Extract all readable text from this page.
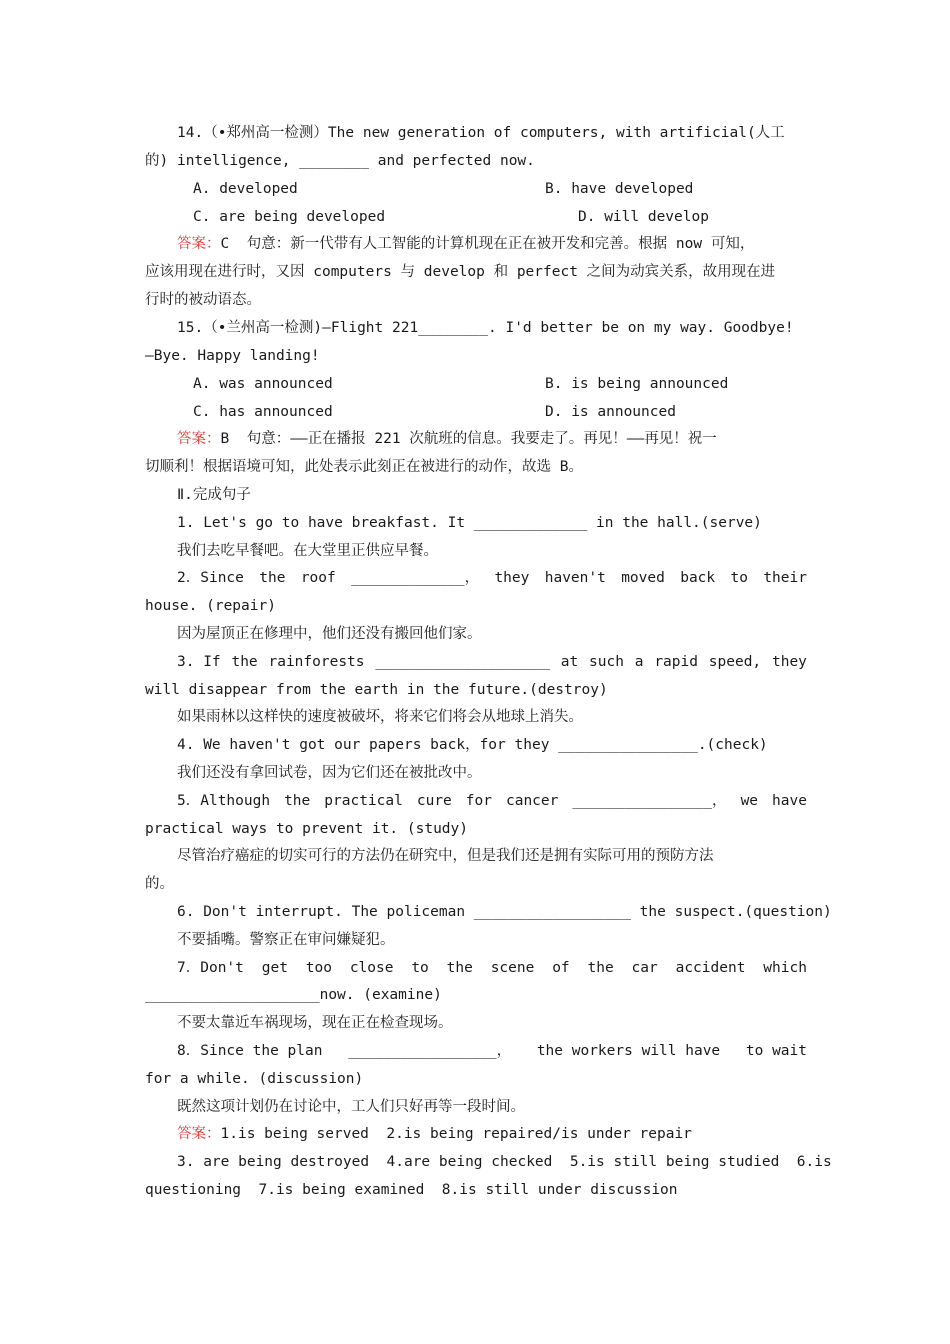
14.（•郑州高一检测）The new generation of computers, with artificial(人工
的) intelligence, ________ and perfected now.
A. developed	B. have developed
C. are being developed	D. will develop
答案：C  句意：新一代带有人工智能的计算机现在正在被开发和完善。根据 now 可知，
应该用现在进行时，又因 computers 与 develop 和 perfect 之间为动宾关系，故用现在进
行时的被动语态。
15.（•兰州高一检测)—Flight 221________. I'd better be on my way. Goodbye!
—Bye. Happy landing!
A. was announced	B. is being announced
C. has announced	D. is announced
答案：B  句意：——正在播报 221 次航班的信息。我要走了。再见！——再见！祝一
切顺利！根据语境可知，此处表示此刻正在被进行的动作，故选 B。
Ⅱ.完成句子
1. Let's go to have breakfast. It _____________ in the hall.(serve)
我们去吃早餐吧。在大堂里正供应早餐。
2．Since the roof _____________， they haven't moved back to their
house. (repair)
因为屋顶正在修理中，他们还没有搬回他们家。
3. If the rainforests ____________________ at such a rapid speed, they
will disappear from the earth in the future.(destroy)
如果雨林以这样快的速度被破坏，将来它们将会从地球上消失。
4. We haven't got our papers back，for they ________________.(check)
我们还没有拿回试卷，因为它们还在被批改中。
5．Although the practical cure for cancer ________________， we have
practical ways to prevent it. (study)
尽管治疗癌症的切实可行的方法仍在研究中，但是我们还是拥有实际可用的预防方法
的。
6. Don't interrupt. The policeman __________________ the suspect.(question)
不要插嘴。警察正在审问嫌疑犯。
7．Don't get too close to the scene of the car accident which
____________________now. (examine)
不要太靠近车祸现场，现在正在检查现场。
8．Since the plan _________________， the workers will have to wait
for a while. (discussion)
既然这项计划仍在讨论中，工人们只好再等一段时间。
答案：1.is being served  2.is being repaired/is under repair
3. are being destroyed  4.are being checked  5.is still being studied  6.is
questioning  7.is being examined  8.is still under discussion
